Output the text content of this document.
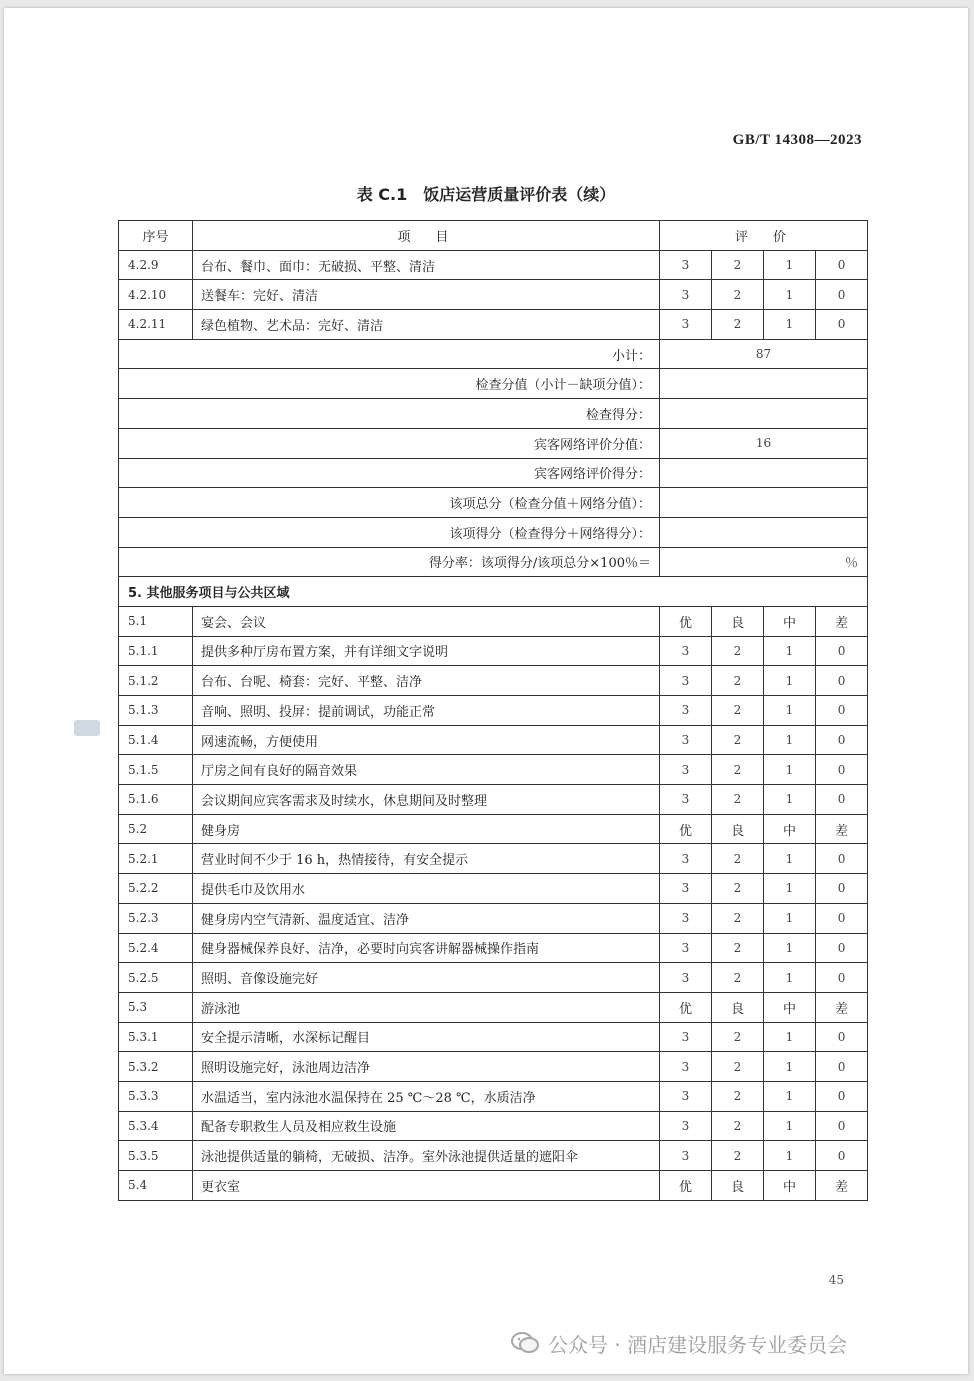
GB/T 14308—2023
表 C.1　饭店运营质量评价表（续）
序号	项　目	评　价			
4.2.9	台布、餐巾、面巾：无破损、平整、清洁	3	2	1	0
4.2.10	送餐车：完好、清洁	3	2	1	0
4.2.11	绿色植物、艺术品：完好、清洁	3	2	1	0
小计：		87			
检查分值（小计－缺项分值）：					
检查得分：					
宾客网络评价分值：		16			
宾客网络评价得分：					
该项总分（检查分值＋网络分值）：					
该项得分（检查得分＋网络得分）：					
得分率：该项得分/该项总分×100％＝		％			
5. 其他服务项目与公共区域					
5.1	宴会、会议	优	良	中	差
5.1.1	提供多种厅房布置方案，并有详细文字说明	3	2	1	0
5.1.2	台布、台呢、椅套：完好、平整、洁净	3	2	1	0
5.1.3	音响、照明、投屏：提前调试，功能正常	3	2	1	0
5.1.4	网速流畅，方便使用	3	2	1	0
5.1.5	厅房之间有良好的隔音效果	3	2	1	0
5.1.6	会议期间应宾客需求及时续水，休息期间及时整理	3	2	1	0
5.2	健身房	优	良	中	差
5.2.1	营业时间不少于 16 h，热情接待，有安全提示	3	2	1	0
5.2.2	提供毛巾及饮用水	3	2	1	0
5.2.3	健身房内空气清新、温度适宜、洁净	3	2	1	0
5.2.4	健身器械保养良好、洁净，必要时向宾客讲解器械操作指南	3	2	1	0
5.2.5	照明、音像设施完好	3	2	1	0
5.3	游泳池	优	良	中	差
5.3.1	安全提示清晰，水深标记醒目	3	2	1	0
5.3.2	照明设施完好，泳池周边洁净	3	2	1	0
5.3.3	水温适当，室内泳池水温保持在 25 ℃～28 ℃，水质洁净	3	2	1	0
5.3.4	配备专职救生人员及相应救生设施	3	2	1	0
5.3.5	泳池提供适量的躺椅，无破损、洁净。室外泳池提供适量的遮阳伞	3	2	1	0
5.4	更衣室	优	良	中	差
45
公众号 · 酒店建设服务专业委员会
